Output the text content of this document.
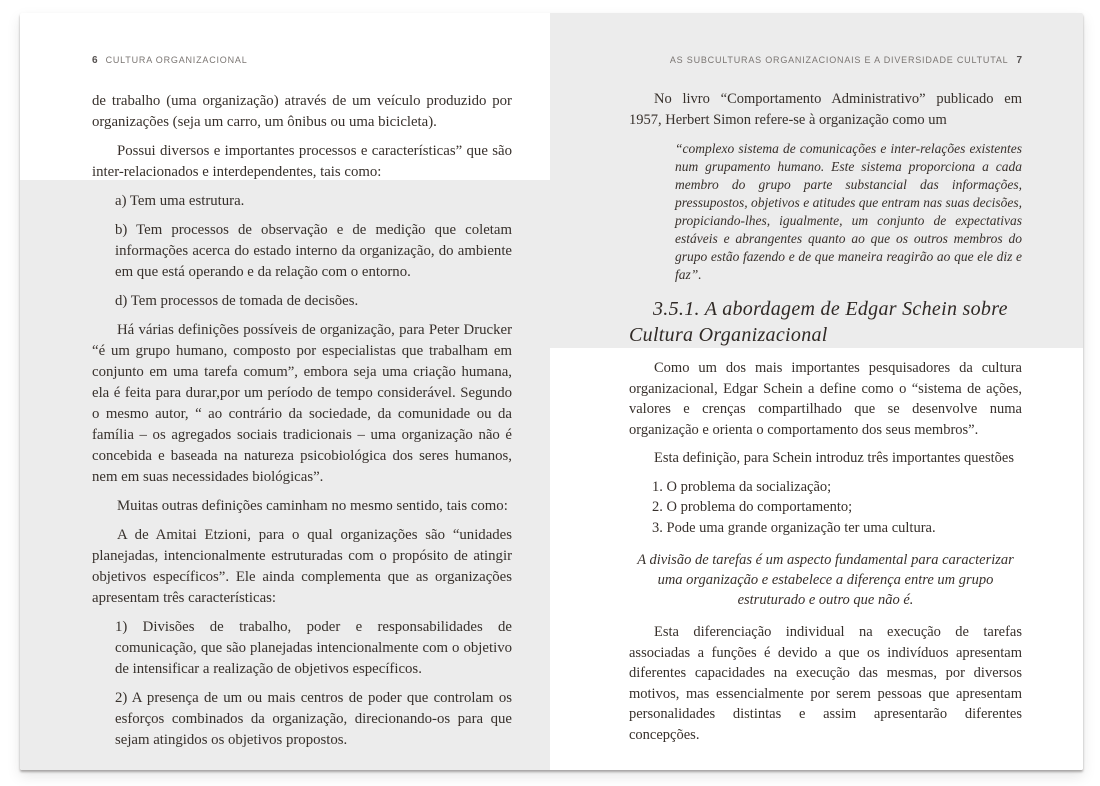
6 CULTURA ORGANIZACIONAL

de trabalho (uma organização) através de um veículo produzido por organizações (seja um carro, um ônibus ou uma bicicleta).

Possui diversos e importantes processos e características” que são inter-relacionados e interdependentes, tais como:

a) Tem uma estrutura.

b) Tem processos de observação e de medição que coletam informações acerca do estado interno da organização, do ambiente em que está operando e da relação com o entorno.

d) Tem processos de tomada de decisões.

Há várias definições possíveis de organização, para Peter Drucker “é um grupo humano, composto por especialistas que trabalham em conjunto em uma tarefa comum”, embora seja uma criação humana, ela é feita para durar,por um período de tempo considerável. Segundo o mesmo autor, “ ao contrário da sociedade, da comunidade ou da família – os agregados sociais tradicionais – uma organização não é concebida e baseada na natureza psicobiológica dos seres humanos, nem em suas necessidades biológicas”.

Muitas outras definições caminham no mesmo sentido, tais como:

A de Amitai Etzioni, para o qual organizações são “unidades planejadas, intencionalmente estruturadas com o propósito de atingir objetivos específicos”. Ele ainda complementa que as organizações apresentam três características:

1) Divisões de trabalho, poder e responsabilidades de comunicação, que são planejadas intencionalmente com o objetivo de intensificar a realização de objetivos específicos.

2) A presença de um ou mais centros de poder que controlam os esforços combinados da organização, direcionando-os para que sejam atingidos os objetivos propostos.

AS SUBCULTURAS ORGANIZACIONAIS E A DIVERSIDADE CULTUTAL 7

No livro “Comportamento Administrativo” publicado em 1957, Herbert Simon refere-se à organização como um

“complexo sistema de comunicações e inter-relações existentes num grupamento humano. Este sistema proporciona a cada membro do grupo parte substancial das informações, pressupostos, objetivos e atitudes que entram nas suas decisões, propiciando-lhes, igualmente, um conjunto de expectativas estáveis e abrangentes quanto ao que os outros membros do grupo estão fazendo e de que maneira reagirão ao que ele diz e faz”.
3.5.1. A abordagem de Edgar Schein sobre Cultura Organizacional

Como um dos mais importantes pesquisadores da cultura organizacional, Edgar Schein a define como o “sistema de ações, valores e crenças compartilhado que se desenvolve numa organização e orienta o comportamento dos seus membros”.

Esta definição, para Schein introduz três importantes questões

1. O problema da socialização;

2. O problema do comportamento;

3. Pode uma grande organização ter uma cultura.

A divisão de tarefas é um aspecto fundamental para caracterizar uma organização e estabelece a diferença entre um grupo estruturado e outro que não é.

Esta diferenciação individual na execução de tarefas associadas a funções é devido a que os indivíduos apresentam diferentes capacidades na execução das mesmas, por diversos motivos, mas essencialmente por serem pessoas que apresentam personalidades distintas e assim apresentarão diferentes concepções.
